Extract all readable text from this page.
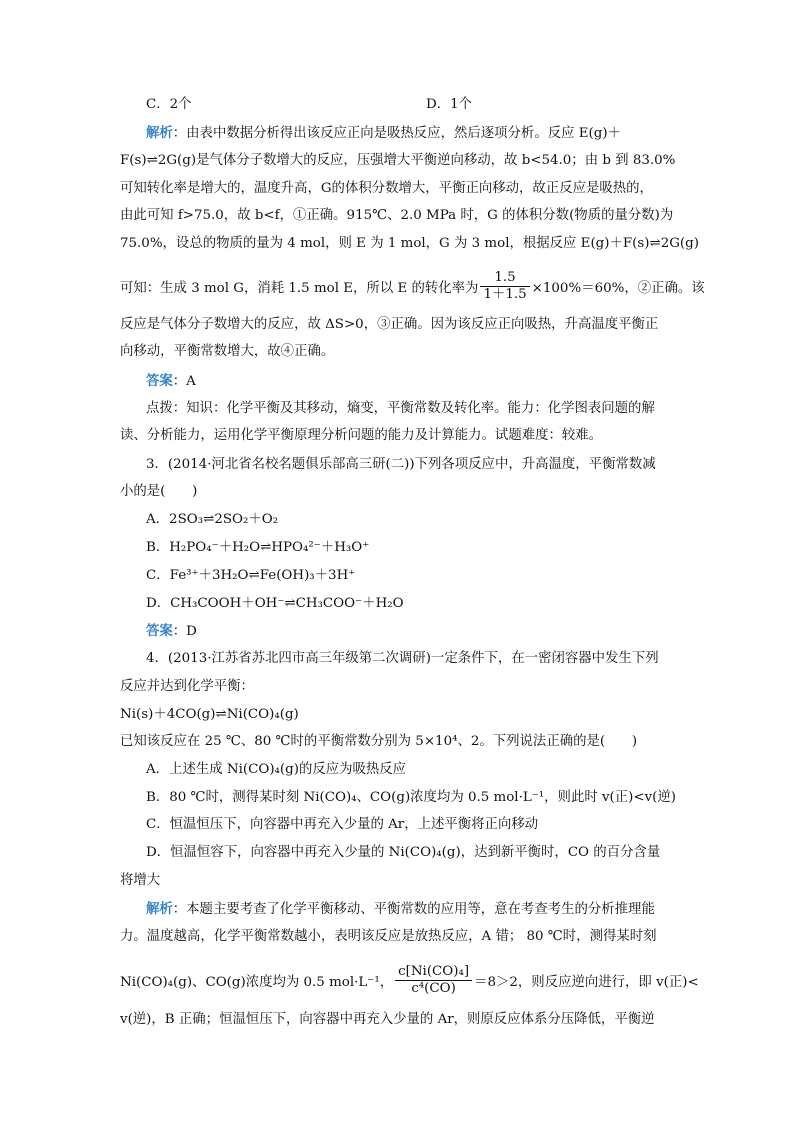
C．2个	D．1个
解析：由表中数据分析得出该反应正向是吸热反应，然后逐项分析。反应 E(g)＋
F(s)⇌2G(g)是气体分子数增大的反应，压强增大平衡逆向移动，故 b<54.0；由 b 到 83.0%
可知转化率是增大的，温度升高，G的体积分数增大，平衡正向移动，故正反应是吸热的，
由此可知 f>75.0，故 b<f，①正确。915℃、2.0 MPa 时，G 的体积分数(物质的量分数)为
75.0%，设总的物质的量为 4 mol，则 E 为 1 mol，G 为 3 mol，根据反应 E(g)＋F(s)⇌2G(g)
可知：生成 3 mol G，消耗 1.5 mol E，所以 E 的转化率为 $\frac{1.5}{1+1.5} \times 100\%=60\%$，②正确。该
反应是气体分子数增大的反应，故 ΔS>0，③正确。因为该反应正向吸热，升高温度平衡正
向移动，平衡常数增大，故④正确。
答案：A
点拨：知识：化学平衡及其移动，熵变，平衡常数及转化率。能力：化学图表问题的解
读、分析能力，运用化学平衡原理分析问题的能力及计算能力。试题难度：较难。
3．(2014·河北省名校名题俱乐部高三研(二))下列各项反应中，升高温度，平衡常数减
小的是(　　)
A．2SO₃⇌2SO₂＋O₂
B．H₂PO₄⁻＋H₂O⇌HPO₄²⁻＋H₃O⁺
C．Fe³⁺＋3H₂O⇌Fe(OH)₃＋3H⁺
D．CH₃COOH＋OH⁻⇌CH₃COO⁻＋H₂O
答案：D
4．(2013·江苏省苏北四市高三年级第二次调研)一定条件下，在一密闭容器中发生下列
反应并达到化学平衡：
Ni(s)＋4CO(g)⇌Ni(CO)₄(g)
已知该反应在 25 ℃、80 ℃时的平衡常数分别为 5×10⁴、2。下列说法正确的是(　　)
A．上述生成 Ni(CO)₄(g)的反应为吸热反应
B．80 ℃时，测得某时刻 Ni(CO)₄、CO(g)浓度均为 0.5 mol·L⁻¹，则此时 v(正)<v(逆)
C．恒温恒压下，向容器中再充入少量的 Ar，上述平衡将正向移动
D．恒温恒容下，向容器中再充入少量的 Ni(CO)₄(g)，达到新平衡时，CO 的百分含量
将增大
解析：本题主要考查了化学平衡移动、平衡常数的应用等，意在考查考生的分析推理能
力。温度越高，化学平衡常数越小，表明该反应是放热反应，A 错； 80 ℃时，测得某时刻
Ni(CO)₄(g)、CO(g)浓度均为 0.5 mol·L⁻¹， $\frac{\text{c[Ni(CO)₄]}}{\text{c⁴(CO)}} =8>2$，则反应逆向进行，即 v(正)<
v(逆)，B 正确；恒温恒压下，向容器中再充入少量的 Ar，则原反应体系分压降低，平衡逆
